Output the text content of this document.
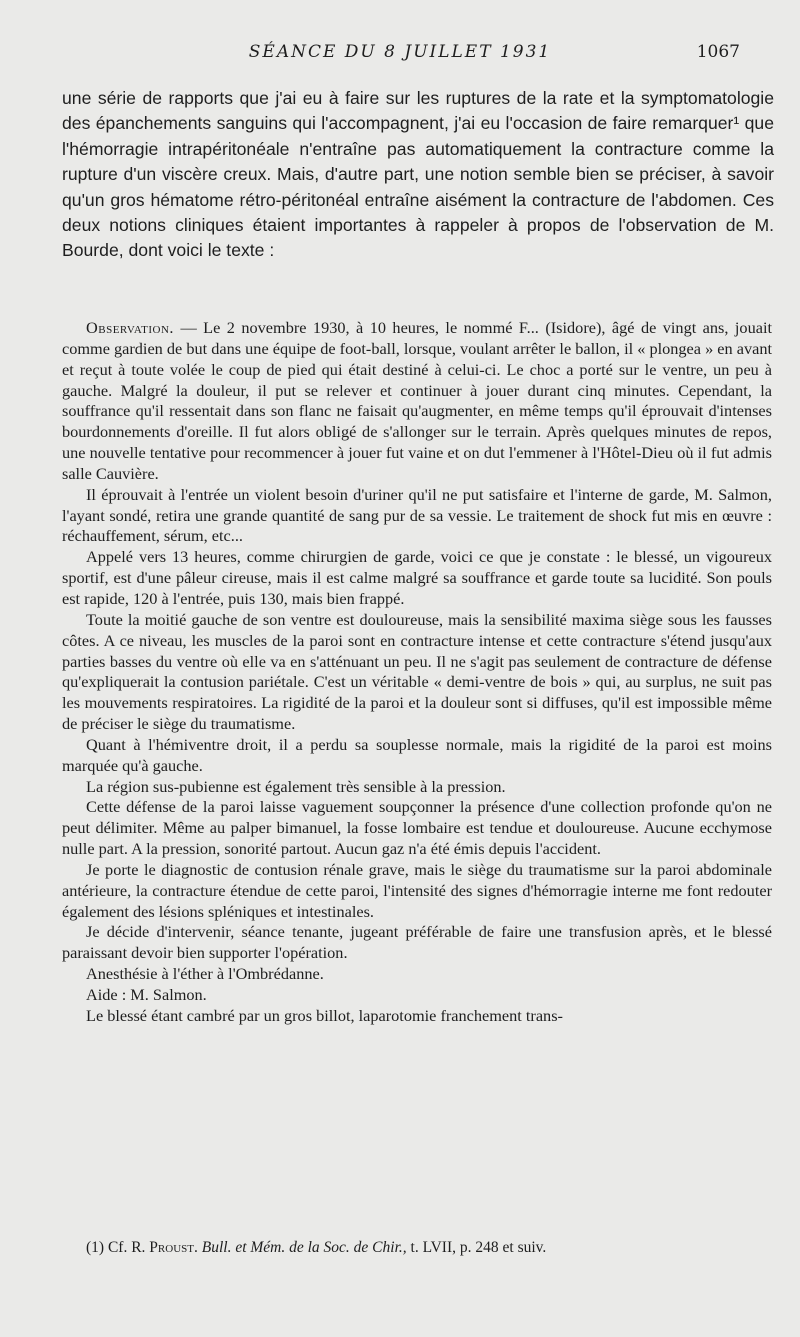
SÉANCE DU 8 JUILLET 1931	1067

une série de rapports que j'ai eu à faire sur les ruptures de la rate et la symptomatologie des épanchements sanguins qui l'accompagnent, j'ai eu l'occasion de faire remarquer¹ que l'hémorragie intrapéritonéale n'entraîne pas automatiquement la contracture comme la rupture d'un viscère creux. Mais, d'autre part, une notion semble bien se préciser, à savoir qu'un gros hématome rétro-péritonéal entraîne aisément la contracture de l'abdomen. Ces deux notions cliniques étaient importantes à rappeler à propos de l'observation de M. Bourde, dont voici le texte :

Observation. — Le 2 novembre 1930, à 10 heures, le nommé F... (Isidore), âgé de vingt ans, jouait comme gardien de but dans une équipe de foot-ball, lorsque, voulant arrêter le ballon, il « plongea » en avant et reçut à toute volée le coup de pied qui était destiné à celui-ci. Le choc a porté sur le ventre, un peu à gauche. Malgré la douleur, il put se relever et continuer à jouer durant cinq minutes. Cependant, la souffrance qu'il ressentait dans son flanc ne faisait qu'augmenter, en même temps qu'il éprouvait d'intenses bourdonnements d'oreille. Il fut alors obligé de s'allonger sur le terrain. Après quelques minutes de repos, une nouvelle tentative pour recommencer à jouer fut vaine et on dut l'emmener à l'Hôtel-Dieu où il fut admis salle Cauvière.

Il éprouvait à l'entrée un violent besoin d'uriner qu'il ne put satisfaire et l'interne de garde, M. Salmon, l'ayant sondé, retira une grande quantité de sang pur de sa vessie. Le traitement de shock fut mis en œuvre : réchauffement, sérum, etc...

Appelé vers 13 heures, comme chirurgien de garde, voici ce que je constate : le blessé, un vigoureux sportif, est d'une pâleur cireuse, mais il est calme malgré sa souffrance et garde toute sa lucidité. Son pouls est rapide, 120 à l'entrée, puis 130, mais bien frappé.

Toute la moitié gauche de son ventre est douloureuse, mais la sensibilité maxima siège sous les fausses côtes. A ce niveau, les muscles de la paroi sont en contracture intense et cette contracture s'étend jusqu'aux parties basses du ventre où elle va en s'atténuant un peu. Il ne s'agit pas seulement de contracture de défense qu'expliquerait la contusion pariétale. C'est un véritable « demi-ventre de bois » qui, au surplus, ne suit pas les mouvements respiratoires. La rigidité de la paroi et la douleur sont si diffuses, qu'il est impossible même de préciser le siège du traumatisme.

Quant à l'hémiventre droit, il a perdu sa souplesse normale, mais la rigidité de la paroi est moins marquée qu'à gauche.

La région sus-pubienne est également très sensible à la pression.

Cette défense de la paroi laisse vaguement soupçonner la présence d'une collection profonde qu'on ne peut délimiter. Même au palper bimanuel, la fosse lombaire est tendue et douloureuse. Aucune ecchymose nulle part. A la pression, sonorité partout. Aucun gaz n'a été émis depuis l'accident.

Je porte le diagnostic de contusion rénale grave, mais le siège du traumatisme sur la paroi abdominale antérieure, la contracture étendue de cette paroi, l'intensité des signes d'hémorragie interne me font redouter également des lésions spléniques et intestinales.

Je décide d'intervenir, séance tenante, jugeant préférable de faire une transfusion après, et le blessé paraissant devoir bien supporter l'opération.

Anesthésie à l'éther à l'Ombrédanne.

Aide : M. Salmon.

Le blessé étant cambré par un gros billot, laparotomie franchement trans-

(1) Cf. R. Proust. Bull. et Mém. de la Soc. de Chir., t. LVII, p. 248 et suiv.
